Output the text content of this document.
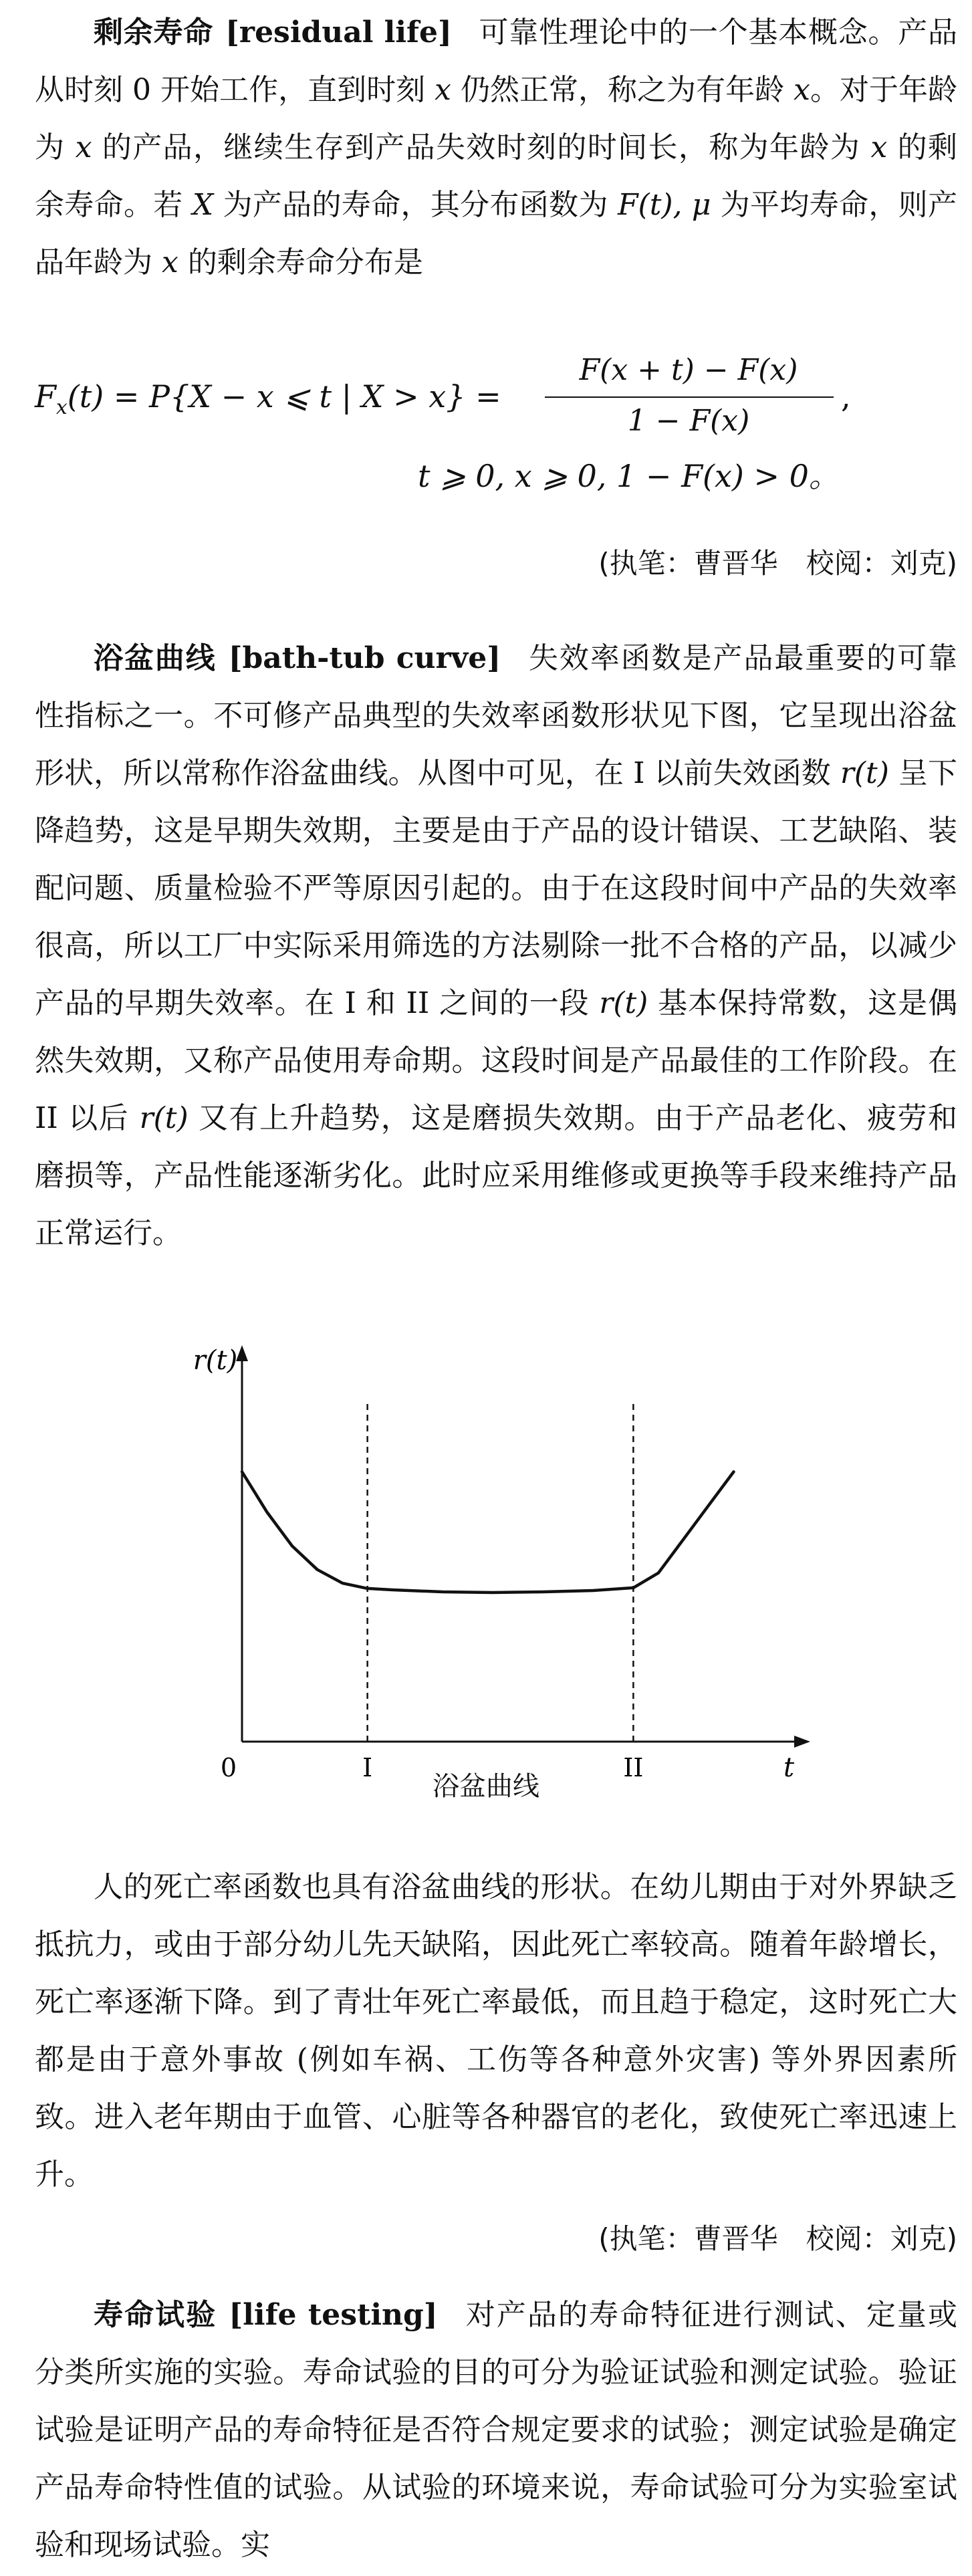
剩余寿命 [residual life] 可靠性理论中的一个基本概念。产品从时刻 0 开始工作，直到时刻 x 仍然正常，称之为有年龄 x。对于年龄为 x 的产品，继续生存到产品失效时刻的时间长，称为年龄为 x 的剩余寿命。若 X 为产品的寿命，其分布函数为 F(t), μ 为平均寿命，则产品年龄为 x 的剩余寿命分布是

$F_x(t) = P\{X - x$ ⩽ t | X > x} =
F(x + t) − F(x)
1 − F(x)
,
t ⩾ 0, x ⩾ 0, 1 − F(x) > 0。
(执笔：曹晋华　校阅：刘克)

浴盆曲线 [bath-tub curve] 失效率函数是产品最重要的可靠性指标之一。不可修产品典型的失效率函数形状见下图，它呈现出浴盆形状，所以常称作浴盆曲线。从图中可见，在 I 以前失效函数 r(t) 呈下降趋势，这是早期失效期，主要是由于产品的设计错误、工艺缺陷、装配问题、质量检验不严等原因引起的。由于在这段时间中产品的失效率很高，所以工厂中实际采用筛选的方法剔除一批不合格的产品，以减少产品的早期失效率。在 I 和 II 之间的一段 r(t) 基本保持常数，这是偶然失效期，又称产品使用寿命期。这段时间是产品最佳的工作阶段。在 II 以后 r(t) 又有上升趋势，这是磨损失效期。由于产品老化、疲劳和磨损等，产品性能逐渐劣化。此时应采用维修或更换等手段来维持产品正常运行。

I	II
0	t
r(t)
浴盆曲线

人的死亡率函数也具有浴盆曲线的形状。在幼儿期由于对外界缺乏抵抗力，或由于部分幼儿先天缺陷，因此死亡率较高。随着年龄增长，死亡率逐渐下降。到了青壮年死亡率最低，而且趋于稳定，这时死亡大都是由于意外事故 (例如车祸、工伤等各种意外灾害) 等外界因素所致。进入老年期由于血管、心脏等各种器官的老化，致使死亡率迅速上升。

(执笔：曹晋华　校阅：刘克)

寿命试验 [life testing] 对产品的寿命特征进行测试、定量或分类所实施的实验。寿命试验的目的可分为验证试验和测定试验。验证试验是证明产品的寿命特征是否符合规定要求的试验；测定试验是确定产品寿命特性值的试验。从试验的环境来说，寿命试验可分为实验室试验和现场试验。实
